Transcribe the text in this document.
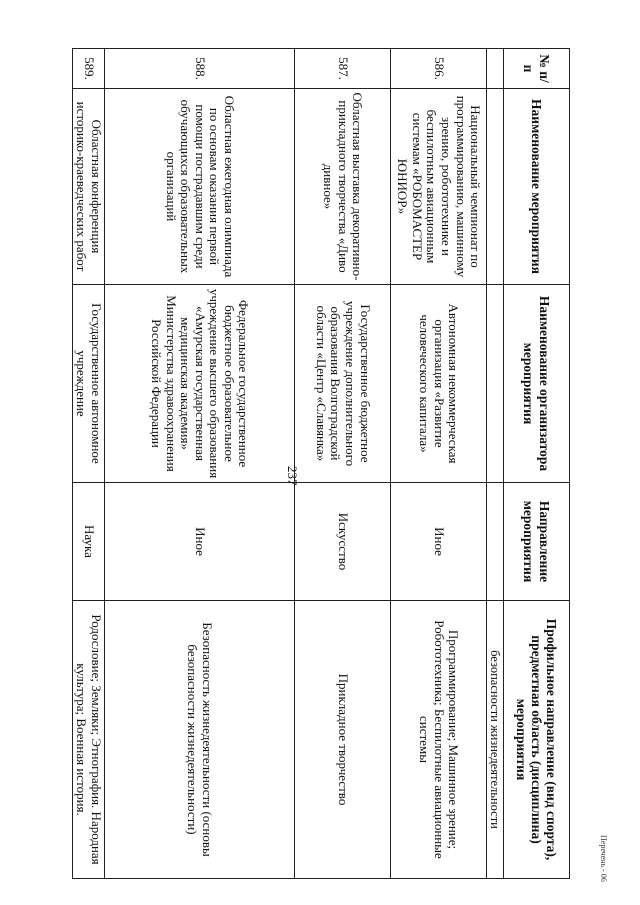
237
№ п/п	Наименование мероприятия	Наименование организатора мероприятия	Направление мероприятия	Профильное направление (вид спорта), предметная область (дисциплина) мероприятия
				безопасности жизнедеятельности
586.	Национальный чемпионат по программированию, машинному зрению, робототехнике и беспилотным авиационным системам «РОБОМАСТЕР ЮНИОР»	Автономная некоммерческая организация «Развитие человеческого капитала»	Иное	Программирование; Машинное зрение; Робототехника; Беспилотные авиационные системы
587.	Областная выставка декоративно-прикладного творчества «Диво дивное»	Государственное бюджетное учреждение дополнительного образования Волгоградской области «Центр «Славянка»	Искусство	Прикладное творчество
588.	Областная ежегодная олимпиада по основам оказания первой помощи пострадавшим среди обучающихся образовательных организаций	Федеральное государственное бюджетное образовательное учреждение высшего образования «Амурская государственная медицинская академия» Министерства здравоохранения Российской Федерации	Иное	Безопасность жизнедеятельности (основы безопасности жизнедеятельности)
589.	Областная конференция историко-краеведческих работ	Государственное автономное учреждение	Наука	Родословие; Земляки; Этнография. Народная культура; Военная история.
Перечень - 06
